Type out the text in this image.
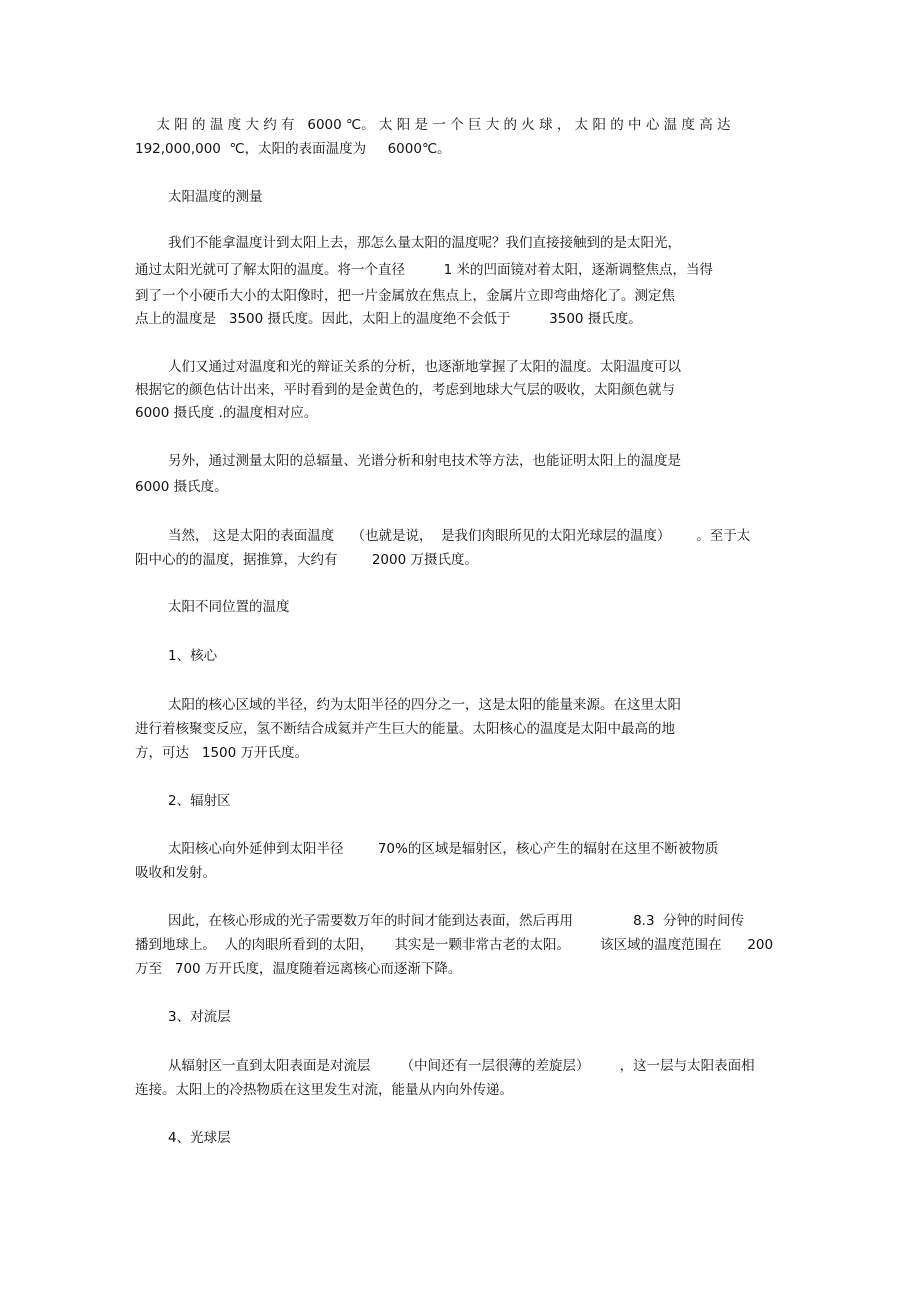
太 阳 的 温 度 大 约 有   6000 ℃。 太 阳 是 一 个 巨 大 的 火 球 ， 太 阳 的 中 心 温 度 高 达
192,000,000  ℃，太阳的表面温度为     6000℃。
太阳温度的测量
我们不能拿温度计到太阳上去，那怎么量太阳的温度呢？我们直接接触到的是太阳光，
通过太阳光就可了解太阳的温度。将一个直径         1 米的凹面镜对着太阳，逐渐调整焦点，当得
到了一个小硬币大小的太阳像时，把一片金属放在焦点上，金属片立即弯曲熔化了。测定焦
点上的温度是   3500 摄氏度。因此，太阳上的温度绝不会低于         3500 摄氏度。
人们又通过对温度和光的辩证关系的分析，也逐渐地掌握了太阳的温度。太阳温度可以
根据它的颜色估计出来，平时看到的是金黄色的，考虑到地球大气层的吸收，太阳颜色就与
6000 摄氏度 .的温度相对应。
另外，通过测量太阳的总辐量、光谱分析和射电技术等方法，也能证明太阳上的温度是
6000 摄氏度。
当然， 这是太阳的表面温度    （也就是说，  是我们肉眼所见的太阳光球层的温度）      。至于太
阳中心的的温度，据推算，大约有        2000 万摄氏度。
太阳不同位置的温度
1、核心
太阳的核心区域的半径，约为太阳半径的四分之一，这是太阳的能量来源。在这里太阳
进行着核聚变反应，氢不断结合成氦并产生巨大的能量。太阳核心的温度是太阳中最高的地
方，可达   1500 万开氏度。
2、辐射区
太阳核心向外延伸到太阳半径        70%的区域是辐射区，核心产生的辐射在这里不断被物质
吸收和发射。
因此，在核心形成的光子需要数万年的时间才能到达表面，然后再用              8.3  分钟的时间传
播到地球上。  人的肉眼所看到的太阳，     其实是一颗非常古老的太阳。       该区域的温度范围在      200
万至   700 万开氏度，温度随着远离核心而逐渐下降。
3、对流层
从辐射区一直到太阳表面是对流层       （中间还有一层很薄的差旋层）       ，这一层与太阳表面相
连接。太阳上的冷热物质在这里发生对流，能量从内向外传递。
4、光球层
